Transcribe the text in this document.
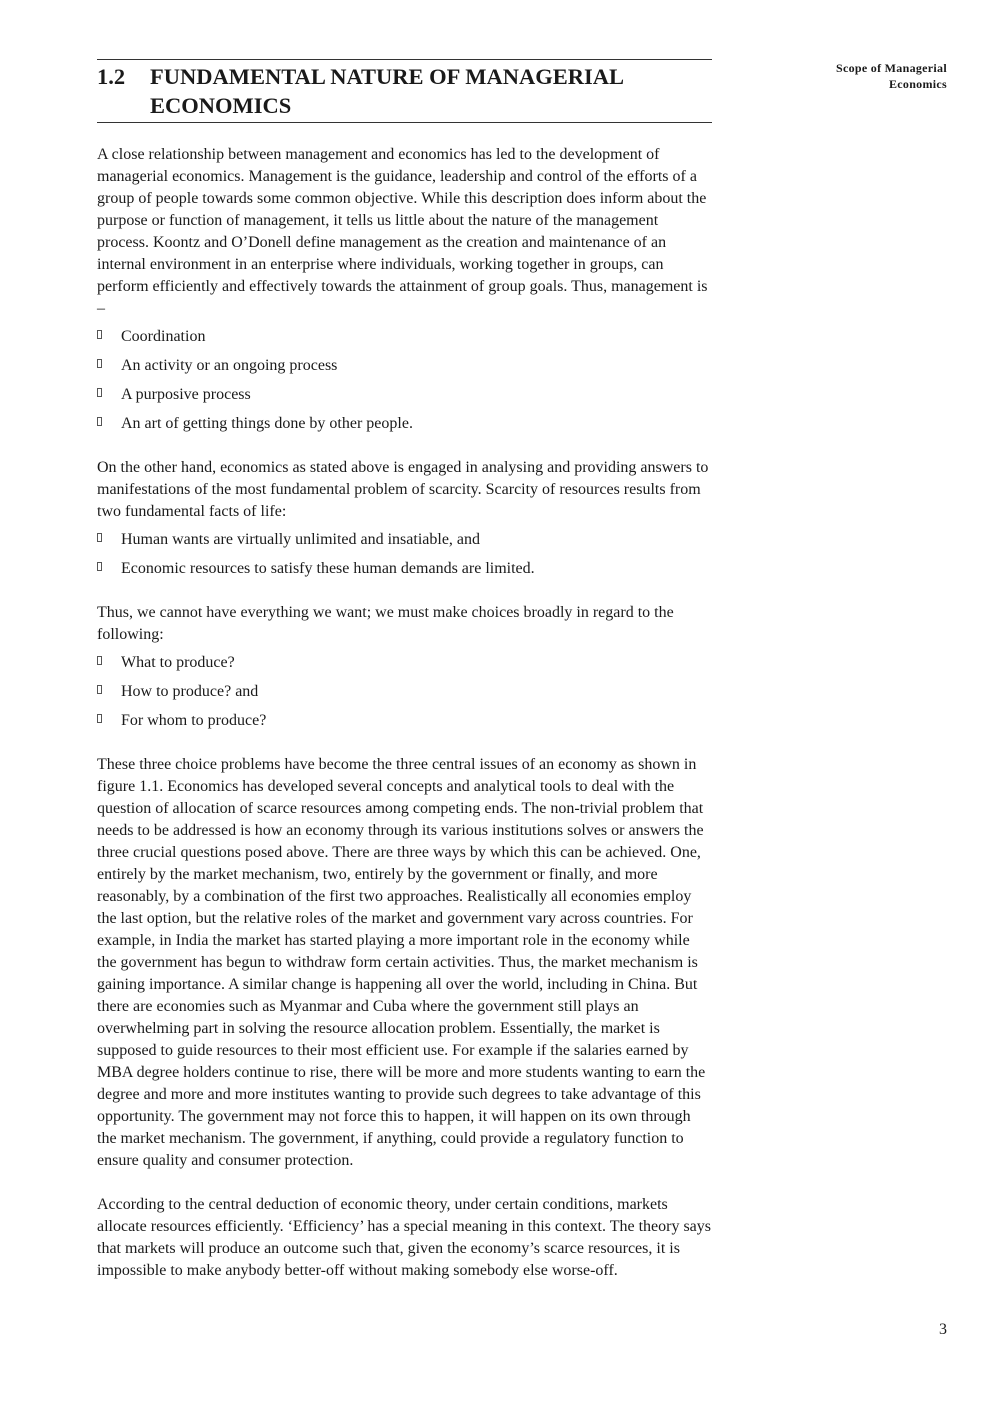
Scope of Managerial
Economics
1.2	FUNDAMENTAL NATURE OF MANAGERIAL
ECONOMICS

A close relationship between management and economics has led to the development of managerial economics. Management is the guidance, leadership and control of the efforts of a group of people towards some common objective. While this description does inform about the purpose or function of management, it tells us little about the nature of the management process. Koontz and O’Donell define management as the creation and maintenance of an internal environment in an enterprise where individuals, working together in groups, can perform efficiently and effectively towards the attainment of group goals. Thus, management is –

Coordination
An activity or an ongoing process
A purposive process
An art of getting things done by other people.

On the other hand, economics as stated above is engaged in analysing and providing answers to manifestations of the most fundamental problem of scarcity. Scarcity of resources results from two fundamental facts of life:

Human wants are virtually unlimited and insatiable, and
Economic resources to satisfy these human demands are limited.

Thus, we cannot have everything we want; we must make choices broadly in regard to the following:

What to produce?
How to produce? and
For whom to produce?

These three choice problems have become the three central issues of an economy as shown in figure 1.1. Economics has developed several concepts and analytical tools to deal with the question of allocation of scarce resources among competing ends. The non-trivial problem that needs to be addressed is how an economy through its various institutions solves or answers the three crucial questions posed above. There are three ways by which this can be achieved. One, entirely by the market mechanism, two, entirely by the government or finally, and more reasonably, by a combination of the first two approaches. Realistically all economies employ the last option, but the relative roles of the market and government vary across countries. For example, in India the market has started playing a more important role in the economy while the government has begun to withdraw form certain activities. Thus, the market mechanism is gaining importance. A similar change is happening all over the world, including in China. But there are economies such as Myanmar and Cuba where the government still plays an overwhelming part in solving the resource allocation problem. Essentially, the market is supposed to guide resources to their most efficient use. For example if the salaries earned by MBA degree holders continue to rise, there will be more and more students wanting to earn the degree and more and more institutes wanting to provide such degrees to take advantage of this opportunity. The government may not force this to happen, it will happen on its own through the market mechanism. The government, if anything, could provide a regulatory function to ensure quality and consumer protection.

According to the central deduction of economic theory, under certain conditions, markets allocate resources efficiently. ‘Efficiency’ has a special meaning in this context. The theory says that markets will produce an outcome such that, given the economy’s scarce resources, it is impossible to make anybody better-off without making somebody else worse-off.

3
